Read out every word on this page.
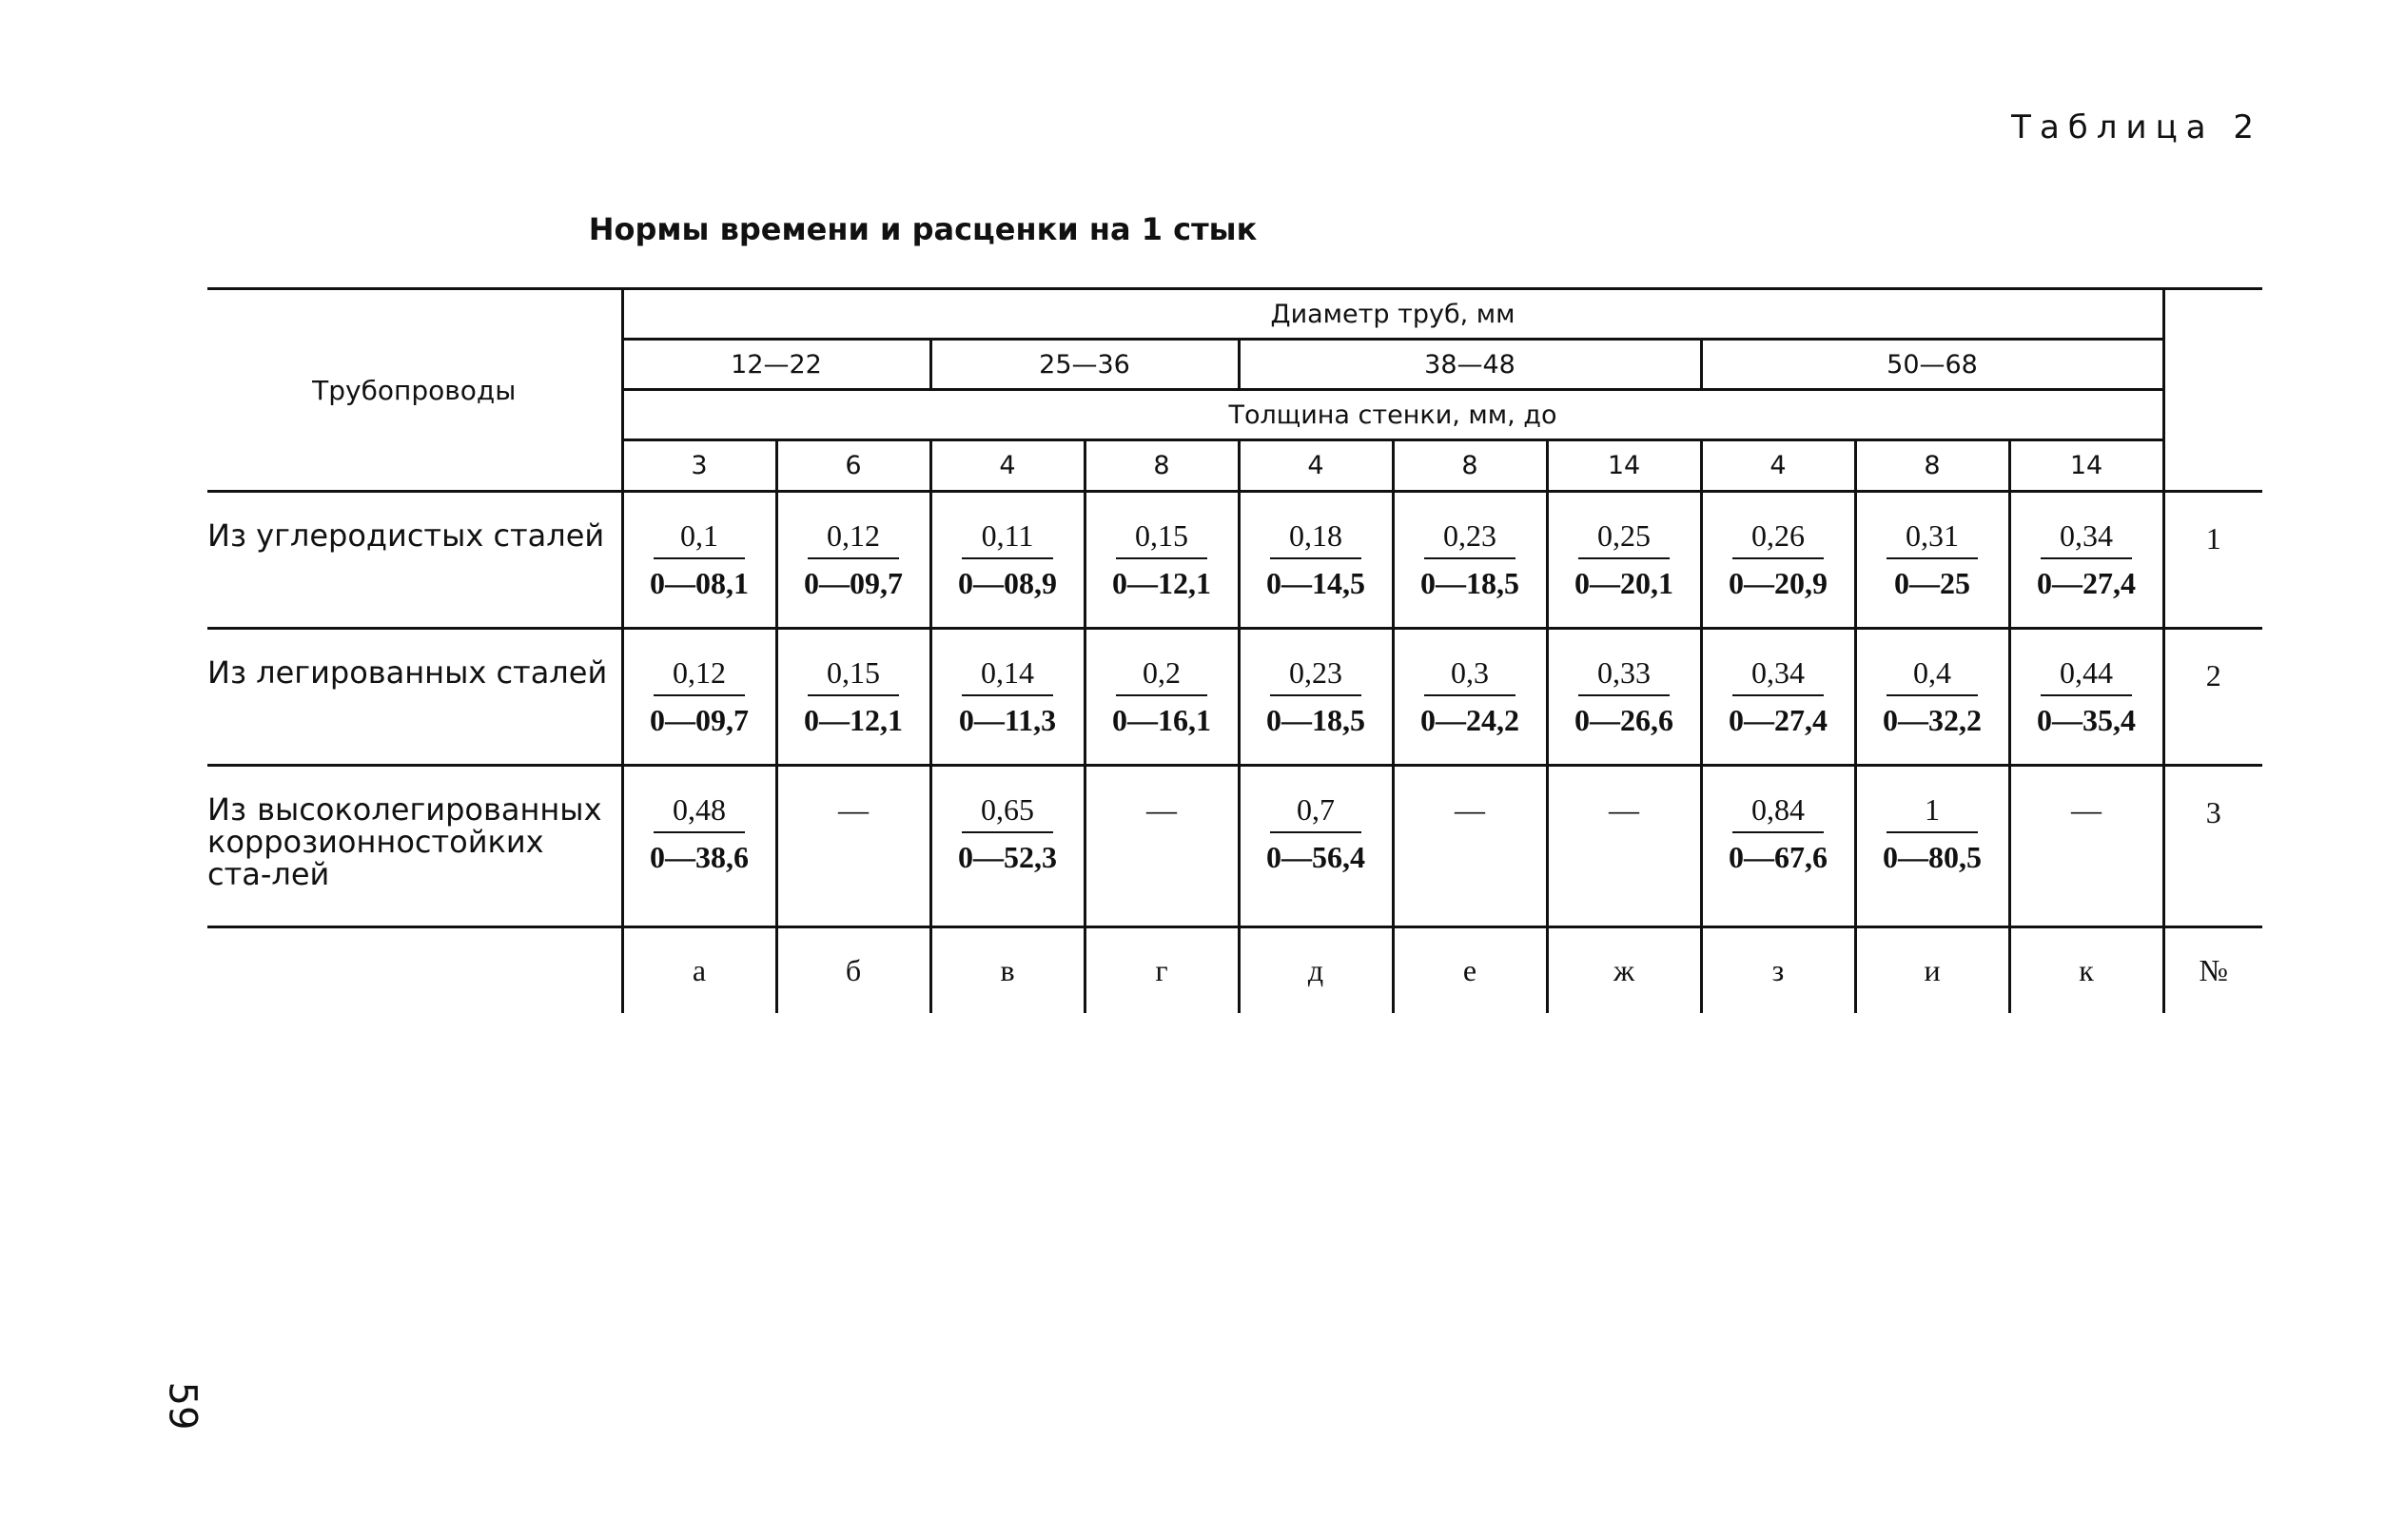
Таблица 2
Нормы времени и расценки на 1 стык
Трубопроводы	Диаметр труб, мм										
	12—22		25—36		38—48			50—68			
	Толщина стенки, мм, до										
	3	6	4	8	4	8	14	4	8	14	
Из углеродистых сталей	$\frac{0,1}{0—08,1}$	$\frac{0,12}{0—09,7}$	$\frac{0,11}{0—08,9}$	$\frac{0,15}{0—12,1}$	$\frac{0,18}{0—14,5}$	$\frac{0,23}{0—18,5}$	$\frac{0,25}{0—20,1}$	$\frac{0,26}{0—20,9}$	$\frac{0,31}{0—25}$	$\frac{0,34}{0—27,4}$	1
Из легированных сталей	$\frac{0,12}{0—09,7}$	$\frac{0,15}{0—12,1}$	$\frac{0,14}{0—11,3}$	$\frac{0,2}{0—16,1}$	$\frac{0,23}{0—18,5}$	$\frac{0,3}{0—24,2}$	$\frac{0,33}{0—26,6}$	$\frac{0,34}{0—27,4}$	$\frac{0,4}{0—32,2}$	$\frac{0,44}{0—35,4}$	2
Из высоколегированных коррозионностойких ста-лей	$\frac{0,48}{0—38,6}$	—	$\frac{0,65}{0—52,3}$	—	$\frac{0,7}{0—56,4}$	—	—	$\frac{0,84}{0—67,6}$	$\frac{1}{0—80,5}$	—	3
	а	б	в	г	д	е	ж	з	и	к	№
59
